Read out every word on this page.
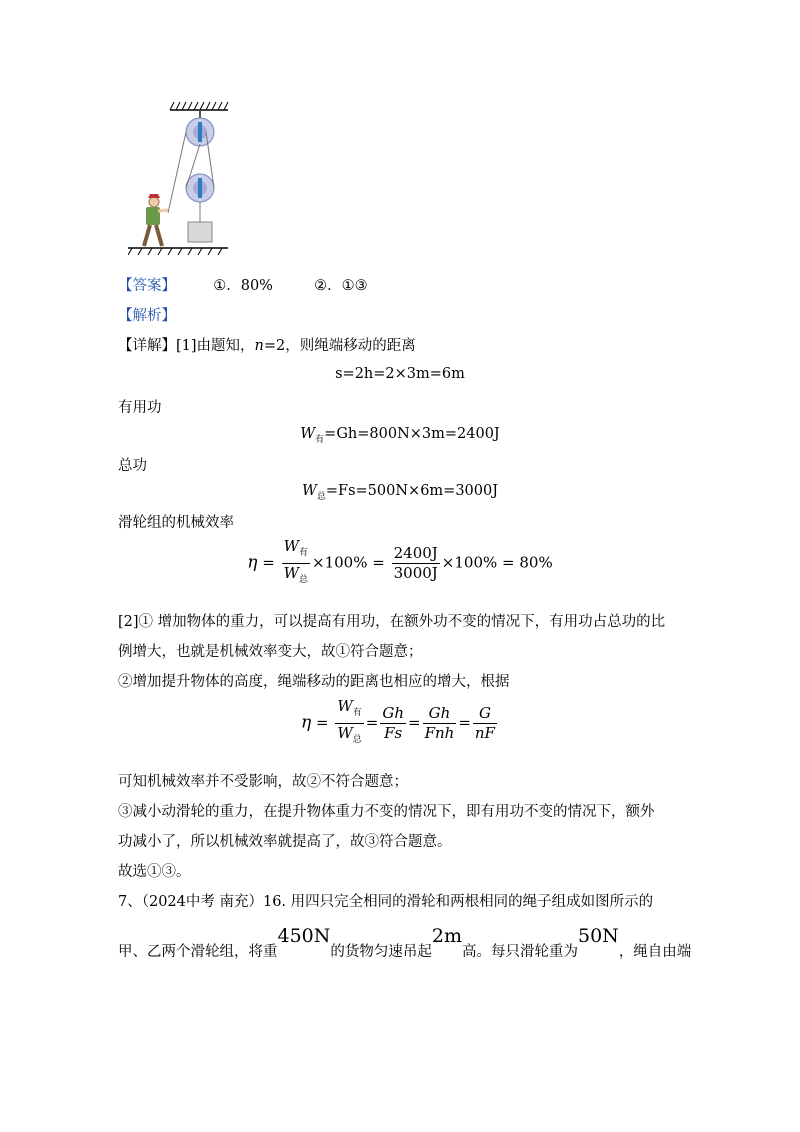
【答案】	①．80%	②．①③
【解析】
【详解】[1]由题知，n=2，则绳端移动的距离
s=2h=2×3m=6m
有用功
$W_有=Gh=800N\times 3m=2400J$
总功
$W_总=Fs=500N\times 6m=3000J$
滑轮组的机械效率
$\eta = \frac{W_有}{W_总} \times 100\% = \frac{2400J}{3000J} \times 100\% = 80\%$
[2]① 增加物体的重力，可以提高有用功，在额外功不变的情况下，有用功占总功的比
例增大，也就是机械效率变大，故①符合题意；
②增加提升物体的高度，绳端移动的距离也相应的增大，根据
$\eta = \frac{W_有}{W_总} = \frac{Gh}{Fs} = \frac{Gh}{\text{Fnh}} = \frac{G}{nF}$
可知机械效率并不受影响，故②不符合题意；
③减小动滑轮的重力，在提升物体重力不变的情况下，即有用功不变的情况下，额外
功减小了，所以机械效率就提高了，故③符合题意。
故选①③。
7、（2024中考 南充）16. 用四只完全相同的滑轮和两根相同的绳子组成如图所示的
甲、乙两个滑轮组，将重450N的货物匀速吊起2m高。每只滑轮重为50N，绳自由端
